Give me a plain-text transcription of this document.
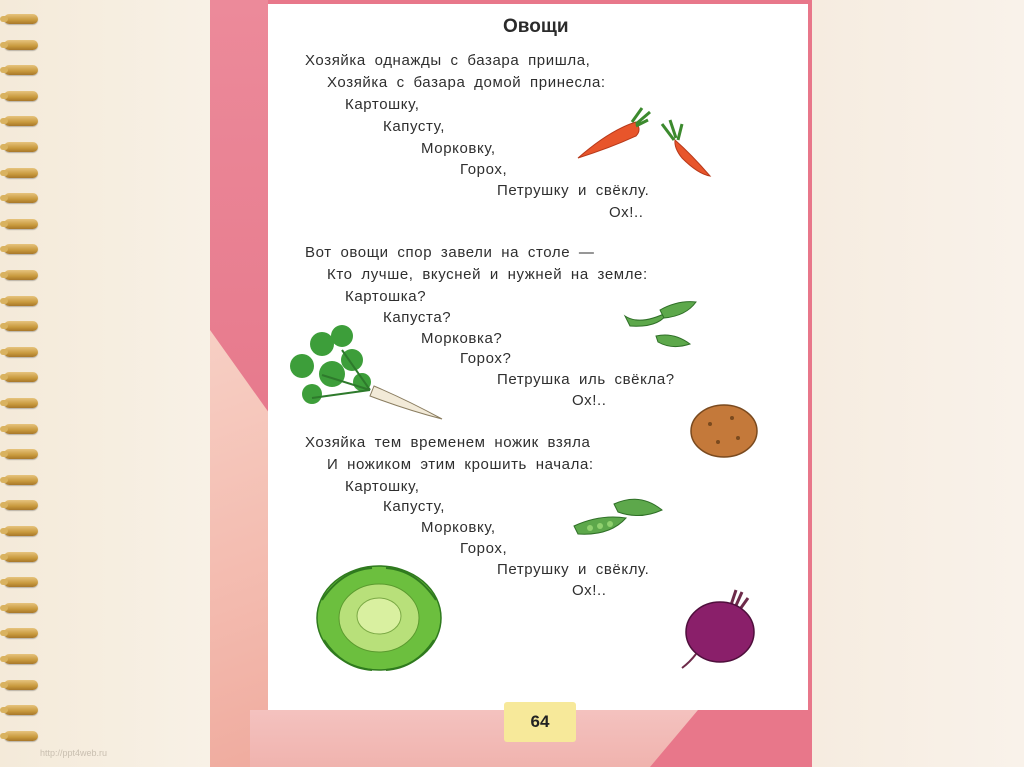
http://ppt4web.ru
Овощи
Хозяйка однажды с базара пришла,
Хозяйка с базара домой принесла:
Картошку,
Капусту,
Морковку,
Горох,
Петрушку и свёклу.
Ох!..
Вот овощи спор завели на столе —
Кто лучше, вкусней и нужней на земле:
Картошка?
Капуста?
Морковка?
Горох?
Петрушка иль свёкла?
Ох!..
Хозяйка тем временем ножик взяла
И ножиком этим крошить начала:
Картошку,
Капусту,
Морковку,
Горох,
Петрушку и свёклу.
Ох!..
64
